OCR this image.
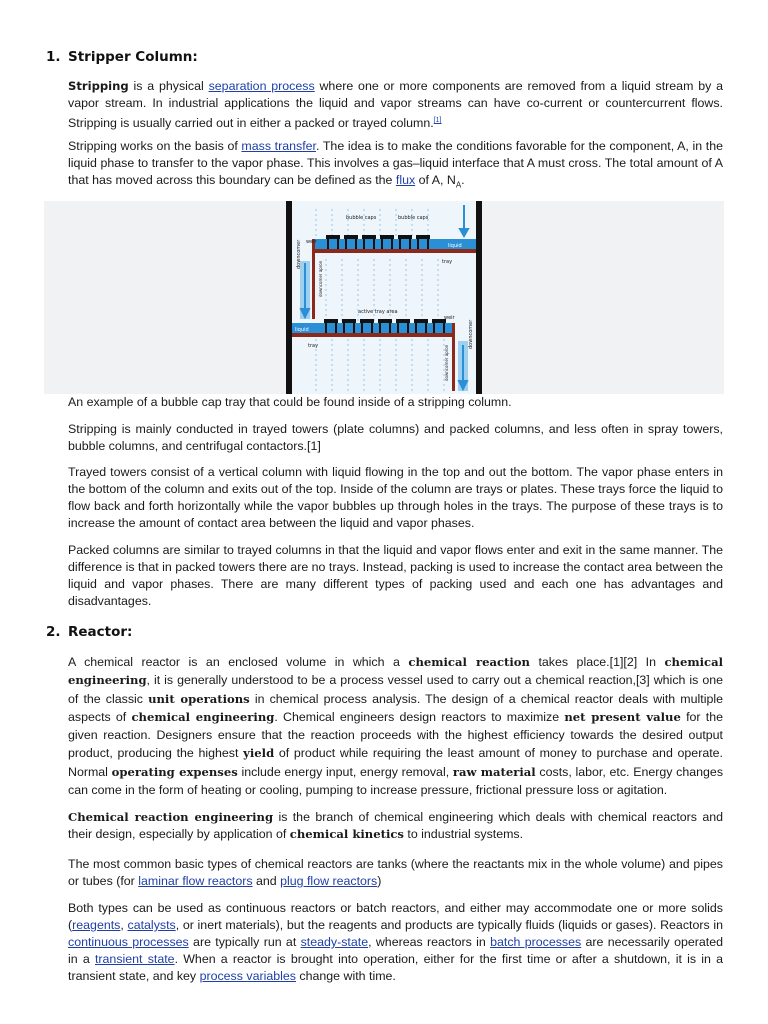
1. Stripper Column:
Stripping is a physical separation process where one or more components are removed from a liquid stream by a vapor stream. In industrial applications the liquid and vapor streams can have co-current or countercurrent flows. Stripping is usually carried out in either a packed or trayed column.[1]
Stripping works on the basis of mass transfer. The idea is to make the conditions favorable for the component, A, in the liquid phase to transfer to the vapor phase. This involves a gas–liquid interface that A must cross. The total amount of A that has moved across this boundary can be defined as the flux of A, $N_A$.
bubble caps	bubble caps
weir
liquid
tray
active tray area
weir
liquid
tray
downcomer
downcomer
downcomer apron
downcomer apron
An example of a bubble cap tray that could be found inside of a stripping column.
Stripping is mainly conducted in trayed towers (plate columns) and packed columns, and less often in spray towers, bubble columns, and centrifugal contactors.[1]
Trayed towers consist of a vertical column with liquid flowing in the top and out the bottom. The vapor phase enters in the bottom of the column and exits out of the top. Inside of the column are trays or plates. These trays force the liquid to flow back and forth horizontally while the vapor bubbles up through holes in the trays. The purpose of these trays is to increase the amount of contact area between the liquid and vapor phases.
Packed columns are similar to trayed columns in that the liquid and vapor flows enter and exit in the same manner. The difference is that in packed towers there are no trays. Instead, packing is used to increase the contact area between the liquid and vapor phases. There are many different types of packing used and each one has advantages and disadvantages.
2. Reactor:
A chemical reactor is an enclosed volume in which a chemical reaction takes place.[1][2] In chemical engineering, it is generally understood to be a process vessel used to carry out a chemical reaction,[3] which is one of the classic unit operations in chemical process analysis. The design of a chemical reactor deals with multiple aspects of chemical engineering. Chemical engineers design reactors to maximize net present value for the given reaction. Designers ensure that the reaction proceeds with the highest efficiency towards the desired output product, producing the highest yield of product while requiring the least amount of money to purchase and operate. Normal operating expenses include energy input, energy removal, raw material costs, labor, etc. Energy changes can come in the form of heating or cooling, pumping to increase pressure, frictional pressure loss or agitation.
Chemical reaction engineering is the branch of chemical engineering which deals with chemical reactors and their design, especially by application of chemical kinetics to industrial systems.
The most common basic types of chemical reactors are tanks (where the reactants mix in the whole volume) and pipes or tubes (for laminar flow reactors and plug flow reactors)
Both types can be used as continuous reactors or batch reactors, and either may accommodate one or more solids (reagents, catalysts, or inert materials), but the reagents and products are typically fluids (liquids or gases). Reactors in continuous processes are typically run at steady-state, whereas reactors in batch processes are necessarily operated in a transient state. When a reactor is brought into operation, either for the first time or after a shutdown, it is in a transient state, and key process variables change with time.
